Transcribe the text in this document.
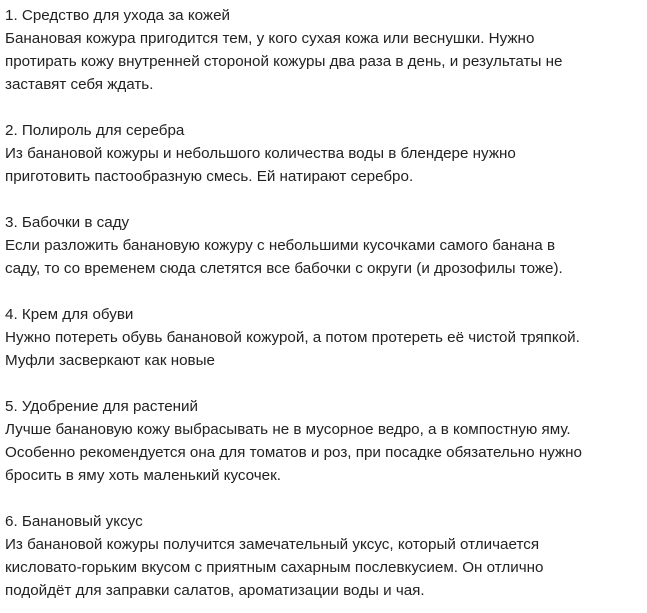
1. Средство для ухода за кожей
Банановая кожура пригодится тем, у кого сухая кожа или веснушки. Нужно
протирать кожу внутренней стороной кожуры два раза в день, и результаты не
заставят себя ждать.
2. Полироль для серебра
Из банановой кожуры и небольшого количества воды в блендере нужно
приготовить пастообразную смесь. Ей натирают серебро.
3. Бабочки в саду
Если разложить банановую кожуру с небольшими кусочками самого банана в
саду, то со временем сюда слетятся все бабочки с округи (и дрозофилы тоже).
4. Крем для обуви
Нужно потереть обувь банановой кожурой, а потом протереть её чистой тряпкой.
Муфли засверкают как новые
5. Удобрение для растений
Лучше банановую кожу выбрасывать не в мусорное ведро, а в компостную яму.
Особенно рекомендуется она для томатов и роз, при посадке обязательно нужно
бросить в яму хоть маленький кусочек.
6. Банановый уксус
Из банановой кожуры получится замечательный уксус, который отличается
кисловато-горьким вкусом с приятным сахарным послевкусием. Он отлично
подойдёт для заправки салатов, ароматизации воды и чая.
